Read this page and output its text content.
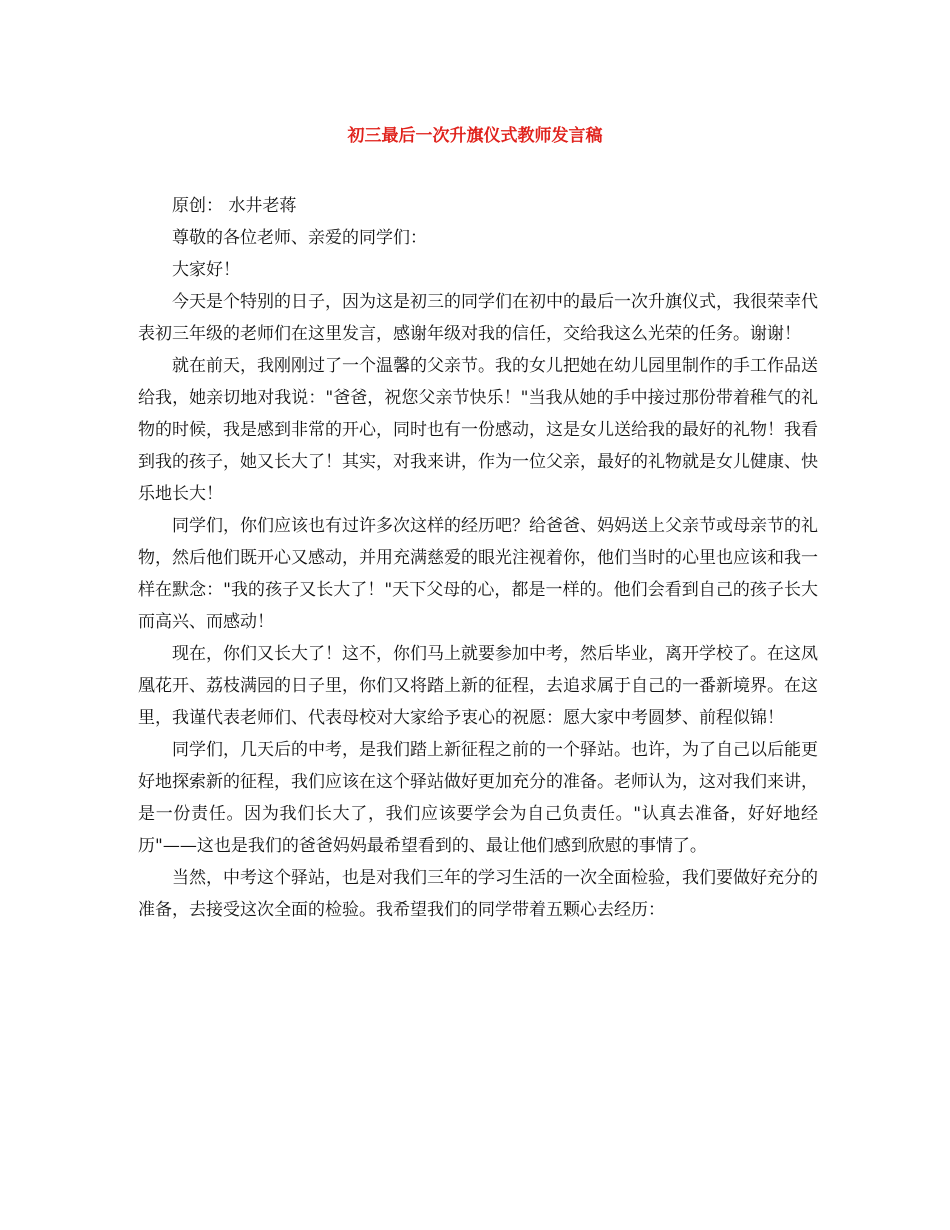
初三最后一次升旗仪式教师发言稿

原创： 水井老蒋

尊敬的各位老师、亲爱的同学们：

大家好！

今天是个特别的日子，因为这是初三的同学们在初中的最后一次升旗仪式，我很荣幸代表初三年级的老师们在这里发言，感谢年级对我的信任，交给我这么光荣的任务。谢谢！

就在前天，我刚刚过了一个温馨的父亲节。我的女儿把她在幼儿园里制作的手工作品送给我，她亲切地对我说："爸爸，祝您父亲节快乐！"当我从她的手中接过那份带着稚气的礼物的时候，我是感到非常的开心，同时也有一份感动，这是女儿送给我的最好的礼物！我看到我的孩子，她又长大了！其实，对我来讲，作为一位父亲，最好的礼物就是女儿健康、快乐地长大！

同学们，你们应该也有过许多次这样的经历吧？给爸爸、妈妈送上父亲节或母亲节的礼物，然后他们既开心又感动，并用充满慈爱的眼光注视着你，他们当时的心里也应该和我一样在默念："我的孩子又长大了！"天下父母的心，都是一样的。他们会看到自己的孩子长大而高兴、而感动！

现在，你们又长大了！这不，你们马上就要参加中考，然后毕业，离开学校了。在这凤凰花开、荔枝满园的日子里，你们又将踏上新的征程，去追求属于自己的一番新境界。在这里，我谨代表老师们、代表母校对大家给予衷心的祝愿：愿大家中考圆梦、前程似锦！

同学们，几天后的中考，是我们踏上新征程之前的一个驿站。也许，为了自己以后能更好地探索新的征程，我们应该在这个驿站做好更加充分的准备。老师认为，这对我们来讲，是一份责任。因为我们长大了，我们应该要学会为自己负责任。"认真去准备，好好地经历"——这也是我们的爸爸妈妈最希望看到的、最让他们感到欣慰的事情了。

当然，中考这个驿站，也是对我们三年的学习生活的一次全面检验，我们要做好充分的准备，去接受这次全面的检验。我希望我们的同学带着五颗心去经历：
